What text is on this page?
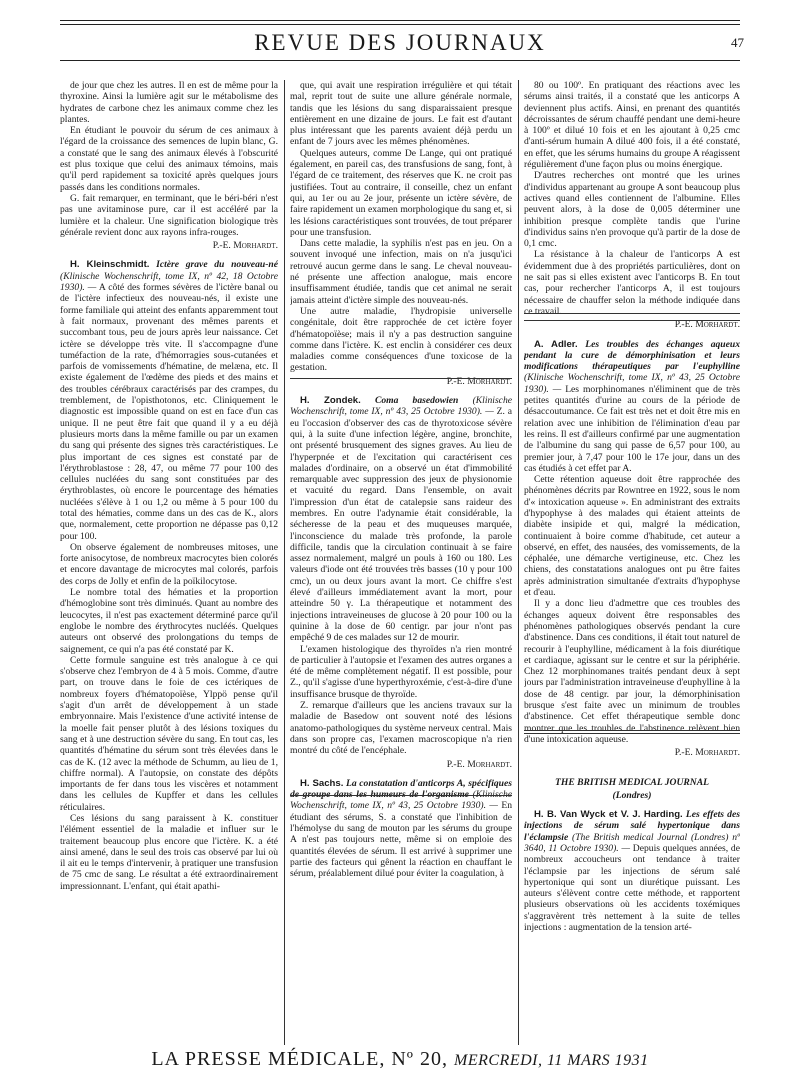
REVUE DES JOURNAUX	47

de jour que chez les autres. Il en est de même pour la thyroxine. Ainsi la lumière agit sur le métabolisme des hydrates de carbone chez les animaux comme chez les plantes.

En étudiant le pouvoir du sérum de ces animaux à l'égard de la croissance des semences de lupin blanc, G. a constaté que le sang des animaux élevés à l'obscurité est plus toxique que celui des animaux témoins, mais qu'il perd rapidement sa toxicité après quelques jours passés dans les conditions normales.

G. fait remarquer, en terminant, que le béri-béri n'est pas une avitaminose pure, car il est accéléré par la lumière et la chaleur. Une signification biologique très générale revient donc aux rayons infra-rouges.

P.-E. Morhardt.

H. Kleinschmidt. Ictère grave du nouveau-né (Klinische Wochenschrift, tome IX, nº 42, 18 Octobre 1930). — A côté des formes sévères de l'ictère banal ou de l'ictère infectieux des nouveau-nés, il existe une forme familiale qui atteint des enfants apparemment tout à fait normaux, provenant des mêmes parents et succombant tous, peu de jours après leur naissance. Cet ictère se développe très vite. Il s'accompagne d'une tuméfaction de la rate, d'hémorragies sous-cutanées et parfois de vomissements d'hématine, de melæna, etc. Il existe également de l'œdème des pieds et des mains et des troubles cérébraux caractérisés par des crampes, du tremblement, de l'opisthotonos, etc. Cliniquement le diagnostic est impossible quand on est en face d'un cas unique. Il ne peut être fait que quand il y a eu déjà plusieurs morts dans la même famille ou par un examen du sang qui présente des signes très caractéristiques. Le plus important de ces signes est constaté par de l'érythroblastose : 28, 47, ou même 77 pour 100 des cellules nucléées du sang sont constituées par des érythroblastes, où encore le pourcentage des hématies nucléées s'élève à 1 ou 1,2 ou même à 5 pour 100 du total des hématies, comme dans un des cas de K., alors que, normalement, cette proportion ne dépasse pas 0,12 pour 100.

On observe également de nombreuses mitoses, une forte anisocytose, de nombreux macrocytes bien colorés et encore davantage de microcytes mal colorés, parfois des corps de Jolly et enfin de la poïkilocytose.

Le nombre total des hématies et la proportion d'hémoglobine sont très diminués. Quant au nombre des leucocytes, il n'est pas exactement déterminé parce qu'il englobe le nombre des érythrocytes nucléés. Quelques auteurs ont observé des prolongations du temps de saignement, ce qui n'a pas été constaté par K.

Cette formule sanguine est très analogue à ce qui s'observe chez l'embryon de 4 à 5 mois. Comme, d'autre part, on trouve dans le foie de ces ictériques de nombreux foyers d'hématopoïèse, Ylppö pense qu'il s'agit d'un arrêt de développement à un stade embryonnaire. Mais l'existence d'une activité intense de la moelle fait penser plutôt à des lésions toxiques du sang et à une destruction sévère du sang. En tout cas, les quantités d'hématine du sérum sont très élevées dans le cas de K. (12 avec la méthode de Schumm, au lieu de 1, chiffre normal). A l'autopsie, on constate des dépôts importants de fer dans tous les viscères et notamment dans les cellules de Kupffer et dans les cellules réticulaires.

Ces lésions du sang paraissent à K. constituer l'élément essentiel de la maladie et influer sur le traitement beaucoup plus encore que l'ictère. K. a été ainsi amené, dans le seul des trois cas observé par lui où il ait eu le temps d'intervenir, à pratiquer une transfusion de 75 cmc de sang. Le résultat a été extraordinairement impressionnant. L'enfant, qui était apathi-

que, qui avait une respiration irrégulière et qui tétait mal, reprit tout de suite une allure générale normale, tandis que les lésions du sang disparaissaient presque entièrement en une dizaine de jours. Le fait est d'autant plus intéressant que les parents avaient déjà perdu un enfant de 7 jours avec les mêmes phénomènes.

Quelques auteurs, comme De Lange, qui ont pratiqué également, en pareil cas, des transfusions de sang, font, à l'égard de ce traitement, des réserves que K. ne croit pas justifiées. Tout au contraire, il conseille, chez un enfant qui, au 1er ou au 2e jour, présente un ictère sévère, de faire rapidement un examen morphologique du sang et, si les lésions caractéristiques sont trouvées, de tout préparer pour une transfusion.

Dans cette maladie, la syphilis n'est pas en jeu. On a souvent invoqué une infection, mais on n'a jusqu'ici retrouvé aucun germe dans le sang. Le cheval nouveau-né présente une affection analogue, mais encore insuffisamment étudiée, tandis que cet animal ne serait jamais atteint d'ictère simple des nouveau-nés.

Une autre maladie, l'hydropisie universelle congénitale, doit être rapprochée de cet ictère foyer d'hématopoïèse; mais il n'y a pas destruction sanguine comme dans l'ictère. K. est enclin à considérer ces deux maladies comme conséquences d'une toxicose de la gestation.

P.-E. Morhardt.

H. Zondek. Coma basedowien (Klinische Wochenschrift, tome IX, nº 43, 25 Octobre 1930). — Z. a eu l'occasion d'observer des cas de thyrotoxicose sévère qui, à la suite d'une infection légère, angine, bronchite, ont présenté brusquement des signes graves. Au lieu de l'hyperpnée et de l'excitation qui caractérisent ces malades d'ordinaire, on a observé un état d'immobilité remarquable avec suppression des jeux de physionomie et vacuité du regard. Dans l'ensemble, on avait l'impression d'un état de catalepsie sans raideur des membres. En outre l'adynamie était considérable, la sécheresse de la peau et des muqueuses marquée, l'inconscience du malade très profonde, la parole difficile, tandis que la circulation continuait à se faire assez normalement, malgré un pouls à 160 ou 180. Les valeurs d'iode ont été trouvées très basses (10 γ pour 100 cmc), un ou deux jours avant la mort. Ce chiffre s'est élevé d'ailleurs immédiatement avant la mort, pour atteindre 50 γ. La thérapeutique et notamment des injections intraveineuses de glucose à 20 pour 100 ou la quinine à la dose de 60 centigr. par jour n'ont pas empêché 9 de ces malades sur 12 de mourir.

L'examen histologique des thyroïdes n'a rien montré de particulier à l'autopsie et l'examen des autres organes a été de même complètement négatif. Il est possible, pour Z., qu'il s'agisse d'une hyperthyroxémie, c'est-à-dire d'une insuffisance brusque de thyroïde.

Z. remarque d'ailleurs que les anciens travaux sur la maladie de Basedow ont souvent noté des lésions anatomo-pathologiques du système nerveux central. Mais dans son propre cas, l'examen macroscopique n'a rien montré du côté de l'encéphale.

P.-E. Morhardt.

H. Sachs. La constatation d'anticorps A, spécifiques de groupe dans les humeurs de l'organisme (Klinische Wochenschrift, tome IX, nº 43, 25 Octobre 1930). — En étudiant des sérums, S. a constaté que l'inhibition de l'hémolyse du sang de mouton par les sérums du groupe A n'est pas toujours nette, même si on emploie des quantités élevées de sérum. Il est arrivé à supprimer une partie des facteurs qui gênent la réaction en chauffant le sérum, préalablement dilué pour éviter la coagulation, à

80 ou 100º. En pratiquant des réactions avec les sérums ainsi traités, il a constaté que les anticorps A deviennent plus actifs. Ainsi, en prenant des quantités décroissantes de sérum chauffé pendant une demi-heure à 100º et dilué 10 fois et en les ajoutant à 0,25 cmc d'anti-sérum humain A dilué 400 fois, il a été constaté, en effet, que les sérums humains du groupe A réagissent régulièrement d'une façon plus ou moins énergique.

D'autres recherches ont montré que les urines d'individus appartenant au groupe A sont beaucoup plus actives quand elles contiennent de l'albumine. Elles peuvent alors, à la dose de 0,005 déterminer une inhibition presque complète tandis que l'urine d'individus sains n'en provoque qu'à partir de la dose de 0,1 cmc.

La résistance à la chaleur de l'anticorps A est évidemment due à des propriétés particulières, dont on ne sait pas si elles existent avec l'anticorps B. En tout cas, pour rechercher l'anticorps A, il est toujours nécessaire de chauffer selon la méthode indiquée dans ce travail.

P.-E. Morhardt.

A. Adler. Les troubles des échanges aqueux pendant la cure de démorphinisation et leurs modifications thérapeutiques par l'euphylline (Klinische Wochenschrift, tome IX, nº 43, 25 Octobre 1930). — Les morphinomanes n'éliminent que de très petites quantités d'urine au cours de la période de désaccoutumance. Ce fait est très net et doit être mis en relation avec une inhibition de l'élimination d'eau par les reins. Il est d'ailleurs confirmé par une augmentation de l'albumine du sang qui passe de 6,57 pour 100, au premier jour, à 7,47 pour 100 le 17e jour, dans un des cas étudiés à cet effet par A.

Cette rétention aqueuse doit être rapprochée des phénomènes décrits par Rowntree en 1922, sous le nom d'« intoxication aqueuse ». En administrant des extraits d'hypophyse à des malades qui étaient atteints de diabète insipide et qui, malgré la médication, continuaient à boire comme d'habitude, cet auteur a observé, en effet, des nausées, des vomissements, de la céphalée, une démarche vertigineuse, etc. Chez les chiens, des constatations analogues ont pu être faites après administration simultanée d'extraits d'hypophyse et d'eau.

Il y a donc lieu d'admettre que ces troubles des échanges aqueux doivent être responsables des phénomènes pathologiques observés pendant la cure d'abstinence. Dans ces conditions, il était tout naturel de recourir à l'euphylline, médicament à la fois diurétique et cardiaque, agissant sur le centre et sur la périphérie. Chez 12 morphinomanes traités pendant deux à sept jours par l'administration intraveineuse d'euphylline à la dose de 48 centigr. par jour, la démorphinisation brusque s'est faite avec un minimum de troubles d'abstinence. Cet effet thérapeutique semble donc montrer que les troubles de l'abstinence relèvent bien d'une intoxication aqueuse.

P.-E. Morhardt.

THE BRITISH MEDICAL JOURNAL

(Londres)

H. B. Van Wyck et V. J. Harding. Les effets des injections de sérum salé hypertonique dans l'éclampsie (The British medical Journal (Londres) nº 3640, 11 Octobre 1930). — Depuis quelques années, de nombreux accoucheurs ont tendance à traiter l'éclampsie par les injections de sérum salé hypertonique qui sont un diurétique puissant. Les auteurs s'élèvent contre cette méthode, et rapportent plusieurs observations où les accidents toxémiques s'aggravèrent très nettement à la suite de telles injections : augmentation de la tension arté-

LA PRESSE MÉDICALE, Nº 20, MERCREDI, 11 MARS 1931
